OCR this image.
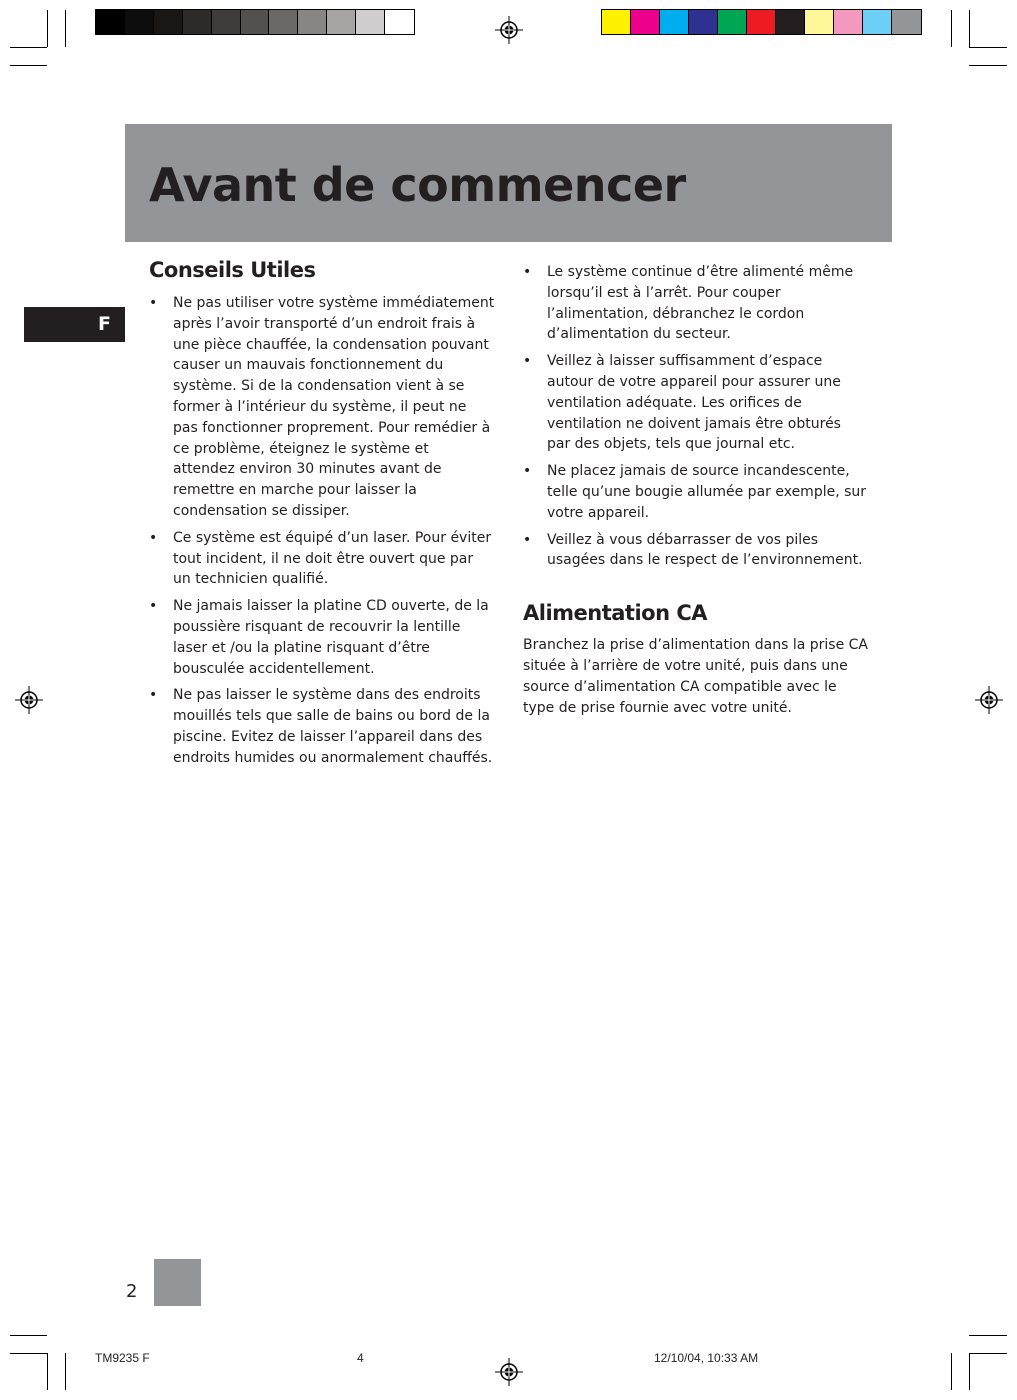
Avant de commencer
F
Conseils Utiles
• Ne pas utiliser votre système immédiatement après l’avoir transporté d’un endroit frais à une pièce chauffée, la condensation pouvant causer un mauvais fonctionnement du système. Si de la condensation vient à se former à l’intérieur du système, il peut ne pas fonctionner proprement. Pour remédier à ce problème, éteignez le système et attendez environ 30 minutes avant de remettre en marche pour laisser la condensation se dissiper.
• Ce système est équipé d’un laser. Pour éviter tout incident, il ne doit être ouvert que par un technicien qualifié.
• Ne jamais laisser la platine CD ouverte, de la poussière risquant de recouvrir la lentille laser et /ou la platine risquant d’être bousculée accidentellement.
• Ne pas laisser le système dans des endroits mouillés tels que salle de bains ou bord de la piscine. Evitez de laisser l’appareil dans des endroits humides ou anormalement chauffés.
• Le système continue d’être alimenté même lorsqu’il est à l’arrêt. Pour couper l’alimentation, débranchez le cordon d’alimentation du secteur.
• Veillez à laisser suffisamment d’espace autour de votre appareil pour assurer une ventilation adéquate. Les orifices de ventilation ne doivent jamais être obturés par des objets, tels que journal etc.
• Ne placez jamais de source incandescente, telle qu’une bougie allumée par exemple, sur votre appareil.
• Veillez à vous débarrasser de vos piles usagées dans le respect de l’environnement.
Alimentation CA

Branchez la prise d’alimentation dans la prise CA située à l’arrière de votre unité, puis dans une source d’alimentation CA compatible avec le type de prise fournie avec votre unité.

2
TM9235 F	4	12/10/04, 10:33 AM
